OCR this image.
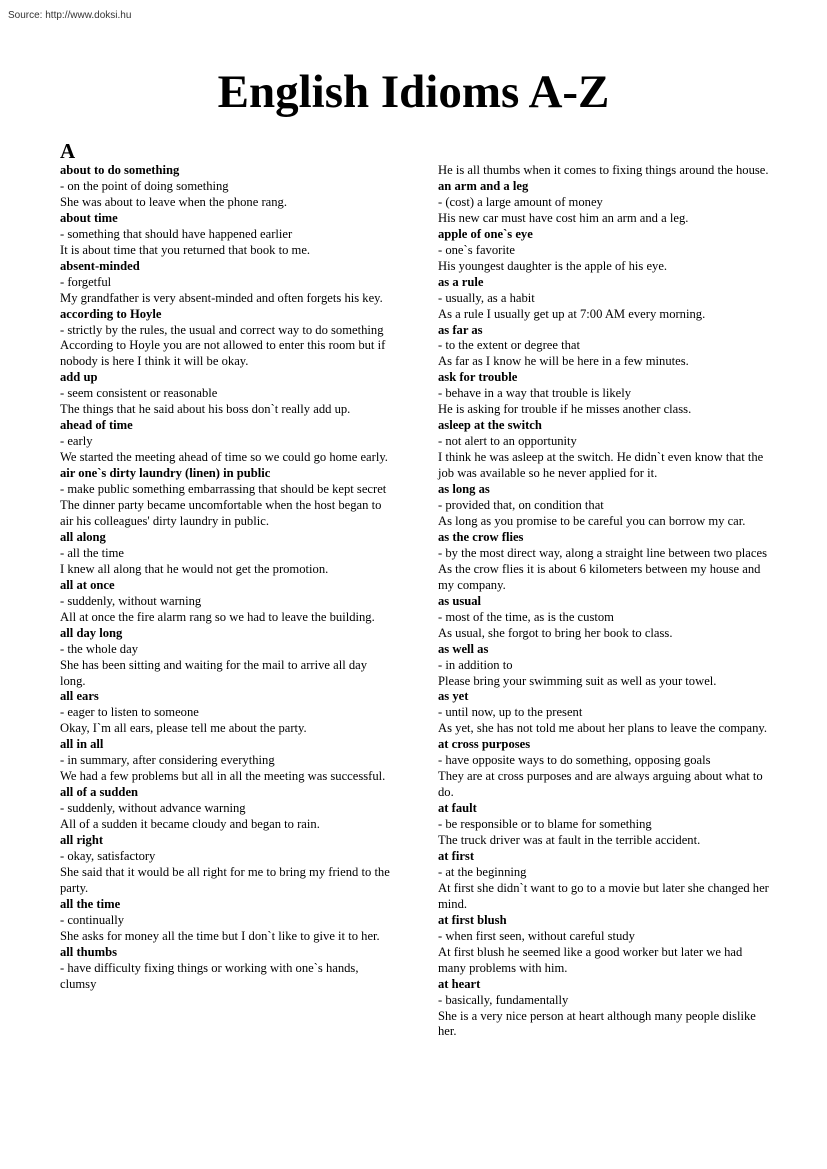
Source: http://www.doksi.hu
English Idioms A-Z
A
about to do something
- on the point of doing something
She was about to leave when the phone rang.
about time
- something that should have happened earlier
It is about time that you returned that book to me.
absent-minded
- forgetful
My grandfather is very absent-minded and often forgets his key.
according to Hoyle
- strictly by the rules, the usual and correct way to do something
According to Hoyle you are not allowed to enter this room but if nobody is here I think it will be okay.
add up
- seem consistent or reasonable
The things that he said about his boss don`t really add up.
ahead of time
- early
We started the meeting ahead of time so we could go home early.
air one`s dirty laundry (linen) in public
- make public something embarrassing that should be kept secret
The dinner party became uncomfortable when the host began to air his colleagues' dirty laundry in public.
all along
- all the time
I knew all along that he would not get the promotion.
all at once
- suddenly, without warning
All at once the fire alarm rang so we had to leave the building.
all day long
- the whole day
She has been sitting and waiting for the mail to arrive all day long.
all ears
- eager to listen to someone
Okay, I`m all ears, please tell me about the party.
all in all
- in summary, after considering everything
We had a few problems but all in all the meeting was successful.
all of a sudden
- suddenly, without advance warning
All of a sudden it became cloudy and began to rain.
all right
- okay, satisfactory
She said that it would be all right for me to bring my friend to the party.
all the time
- continually
She asks for money all the time but I don`t like to give it to her.
all thumbs
- have difficulty fixing things or working with one`s hands, clumsy
He is all thumbs when it comes to fixing things around the house.
an arm and a leg
- (cost) a large amount of money
His new car must have cost him an arm and a leg.
apple of one`s eye
- one`s favorite
His youngest daughter is the apple of his eye.
as a rule
- usually, as a habit
As a rule I usually get up at 7:00 AM every morning.
as far as
- to the extent or degree that
As far as I know he will be here in a few minutes.
ask for trouble
- behave in a way that trouble is likely
He is asking for trouble if he misses another class.
asleep at the switch
- not alert to an opportunity
I think he was asleep at the switch. He didn`t even know that the job was available so he never applied for it.
as long as
- provided that, on condition that
As long as you promise to be careful you can borrow my car.
as the crow flies
- by the most direct way, along a straight line between two places
As the crow flies it is about 6 kilometers between my house and my company.
as usual
- most of the time, as is the custom
As usual, she forgot to bring her book to class.
as well as
- in addition to
Please bring your swimming suit as well as your towel.
as yet
- until now, up to the present
As yet, she has not told me about her plans to leave the company.
at cross purposes
- have opposite ways to do something, opposing goals
They are at cross purposes and are always arguing about what to do.
at fault
- be responsible or to blame for something
The truck driver was at fault in the terrible accident.
at first
- at the beginning
At first she didn`t want to go to a movie but later she changed her mind.
at first blush
- when first seen, without careful study
At first blush he seemed like a good worker but later we had many problems with him.
at heart
- basically, fundamentally
She is a very nice person at heart although many people dislike her.
